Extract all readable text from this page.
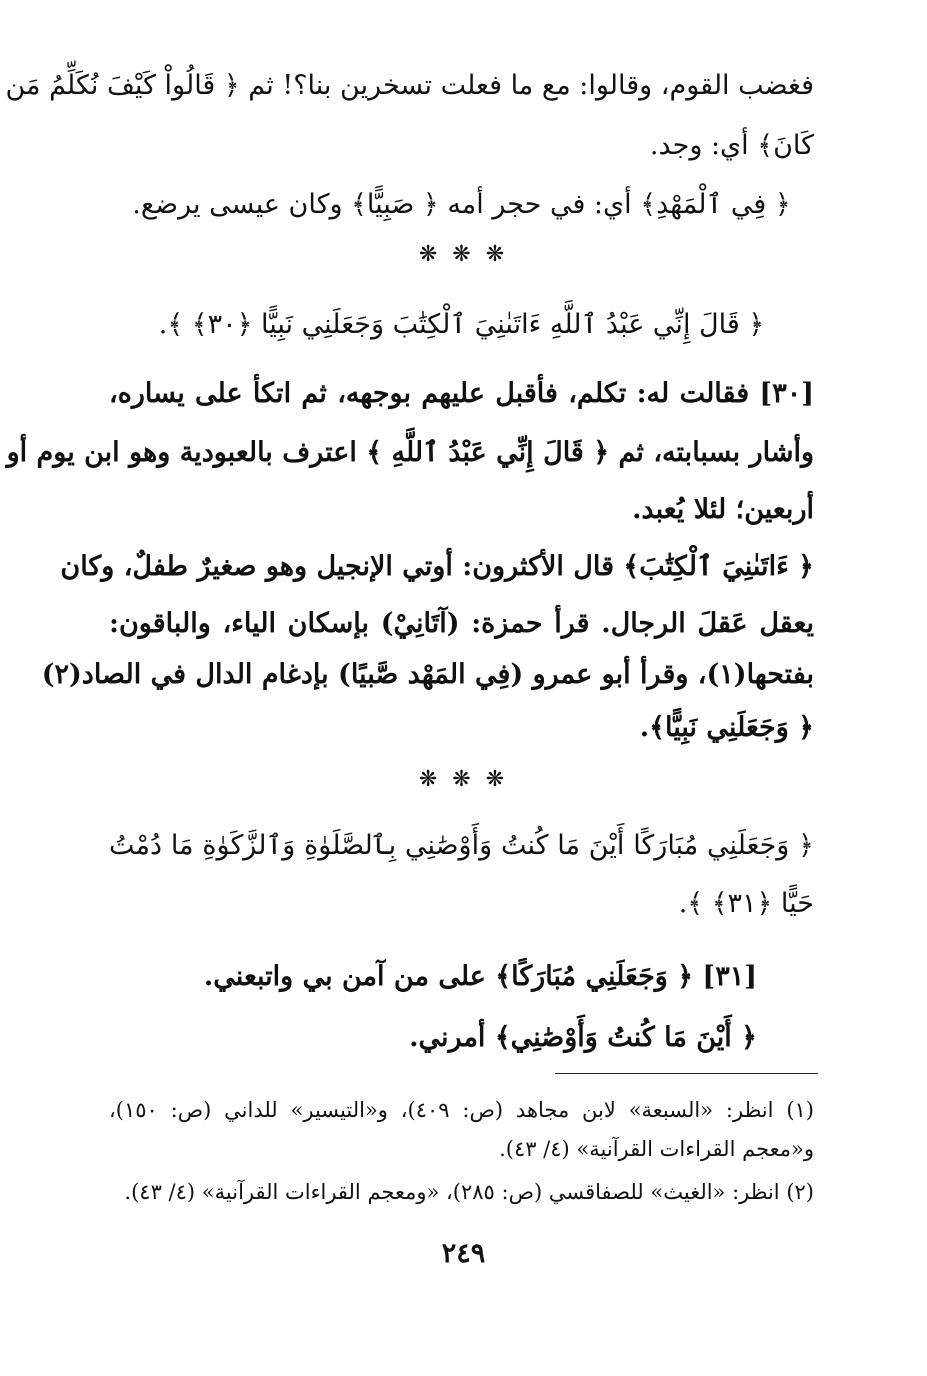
فغضب القوم، وقالوا: مع ما فعلت تسخرين بنا؟! ثم ﴿ قَالُواْ كَيْفَ نُكَلِّمُ مَن
كَانَ﴾ أي: وجد.
﴿ فِي ٱلْمَهْدِ﴾ أي: في حجر أمه ﴿ صَبِيًّا﴾ وكان عيسى يرضع.
❋ ❋ ❋
﴿ قَالَ إِنِّي عَبْدُ ٱللَّهِ ءَاتَىٰنِيَ ٱلْكِتَٰبَ وَجَعَلَنِي نَبِيًّا ﴿٣٠﴾ ﴾.
[٣٠] فقالت له: تكلم، فأقبل عليهم بوجهه، ثم اتكأ على يساره،
وأشار بسبابته، ثم ﴿ قَالَ إِنِّي عَبْدُ ٱللَّهِ ﴾ اعترف بالعبودية وهو ابن يوم أو
أربعين؛ لئلا يُعبد.
﴿ ءَاتَىٰنِيَ ٱلْكِتَٰبَ﴾ قال الأكثرون: أوتي الإنجيل وهو صغيرٌ طفلٌ، وكان
يعقل عَقلَ الرجال. قرأ حمزة: (آتَانِيْ) بإسكان الياء، والباقون:
بفتحها(١)، وقرأ أبو عمرو (فِي المَهْد صَّبيًا) بإدغام الدال في الصاد(٢)
﴿ وَجَعَلَنِي نَبِيًّا﴾.
❋ ❋ ❋
﴿ وَجَعَلَنِي مُبَارَكًا أَيْنَ مَا كُنتُ وَأَوْصَٰنِي بِٱلصَّلَوٰةِ وَٱلزَّكَوٰةِ مَا دُمْتُ
حَيًّا ﴿٣١﴾ ﴾.
[٣١] ﴿ وَجَعَلَنِي مُبَارَكًا﴾ على من آمن بي واتبعني.
﴿ أَيْنَ مَا كُنتُ وَأَوْصَٰنِي﴾ أمرني.
(١) انظر: «السبعة» لابن مجاهد (ص: ٤٠٩)، و«التيسير» للداني (ص: ١٥٠)،
و«معجم القراءات القرآنية» (٤/ ٤٣).
(٢) انظر: «الغيث» للصفاقسي (ص: ٢٨٥)، «ومعجم القراءات القرآنية» (٤/ ٤٣).
٢٤٩
